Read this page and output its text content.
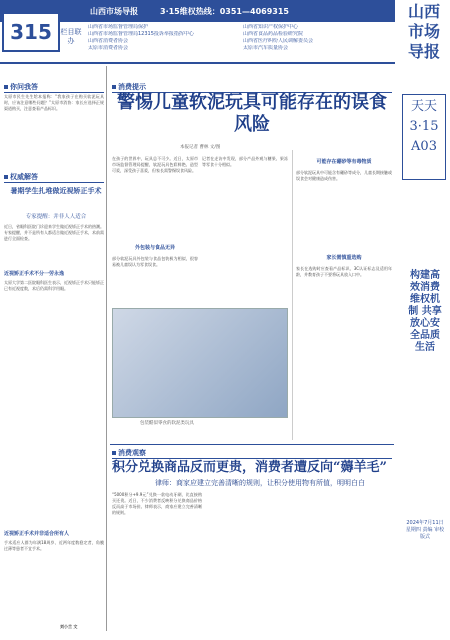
山西市场导报	3·15维权热线：0351—4069315
315	栏目联办
山西省市场监督管理局保护
山西省市场监督管理局12315投诉举报指挥中心
山西省消费者协会
太原市消费者协会
山西省知识产权保护中心
山西省食品药品检验研究院
山西省医疗纠纷人民调解委员会
太原市汽车质量协会
你问我答
太原市民生先生给本报称：“我家孩子在购买软泥玩具时，应该注意哪些问题？”太原市消协：家长应选择正规渠道购买，注意查看产品标识。
权威解答
暑期学生扎堆做近视矫正手术
专家提醒：并非人人适合
近日，省眼科医院门诊迎来学生做近视矫正手术的热潮。专家提醒，并不是所有人都适合做近视矫正手术，术前需进行全面检查。
近视矫正手术不分一劳永逸
太原大学第二医院眼科医生表示，近视矫正手术只能矫正已有近视度数，术后仍需科学用眼。
近视矫正手术并非适合所有人
手术适应人群为年满18周岁、近两年度数稳定者，角膜过薄等患者不宜手术。
刘小兰 文
消费提示
警惕儿童软泥玩具可能存在的误食风险
本报记者 曹林 文/图
在孩子的世界中，玩具总不可少。近日，太原市市场监督管理局提醒，软泥玩具色彩鲜艳、造型可爱，深受孩子喜爱，但家长需警惕误食风险。
外包装与食品无异
部分软泥玩具外包装与食品包装极为相似，很容易被儿童误认为零食误食。
记者在走访中发现，部分产品外观与糖果、果冻等零食十分相似。	可能存在硼砂等有毒物质
部分软泥玩具中可能含有硼砂等成分，儿童长期接触或误食会对健康造成伤害。
家长需慎重选购
家长在选购时应查看产品标识、3C认证标志及适用年龄，并教育孩子不要将玩具放入口中。
包装酷似零食的软泥类玩具
消费观察
积分兑换商品反而更贵，消费者遭反向“薅羊毛”
律师：商家应建立完善清晰的规则，让积分使用物有所值，明明白白
“5000积分+9.9元”兑换一款电动牙刷，比直接购买还贵。近日，不少消费者反映积分兑换商品价格反而高于市场价。律师表示，商家应建立完善清晰的规则。
山西市场导报
天天3·15 A03
构建高效消费维权机制 共享放心安全品质生活
2024年7月11日 星期四 责编 审校 版式
